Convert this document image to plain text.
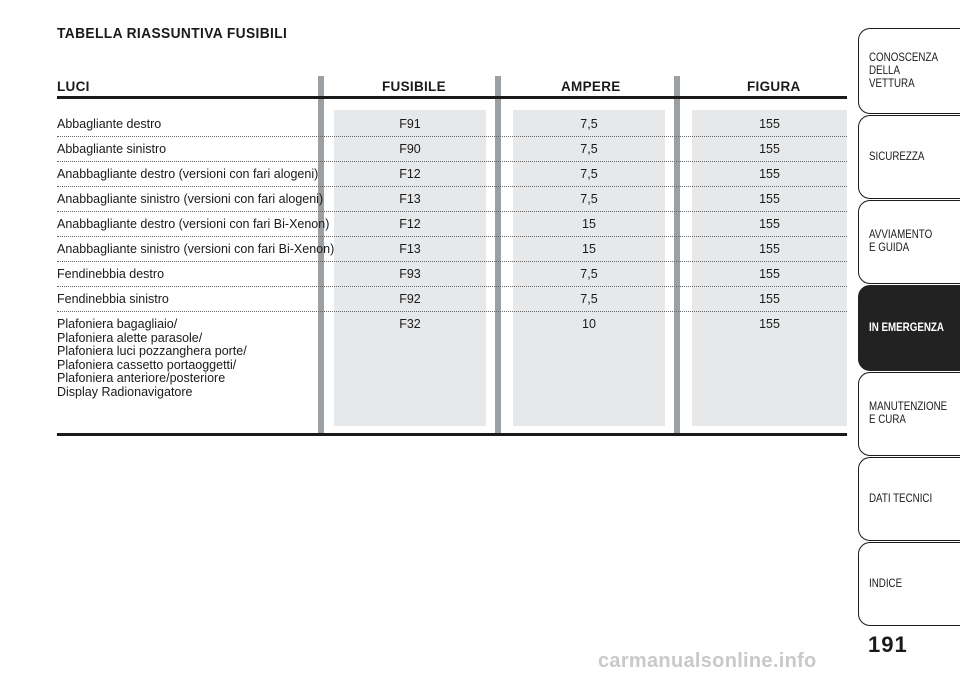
TABELLA RIASSUNTIVA FUSIBILI
LUCI	FUSIBILE	AMPERE	FIGURA
Abbagliante destro	F91	7,5	155
Abbagliante sinistro	F90	7,5	155
Anabbagliante destro (versioni con fari alogeni)	F12	7,5	155
Anabbagliante sinistro (versioni con fari alogeni)	F13	7,5	155
Anabbagliante destro (versioni con fari Bi-Xenon)	F12	15	155
Anabbagliante sinistro (versioni con fari Bi-Xenon)	F13	15	155
Fendinebbia destro	F93	7,5	155
Fendinebbia sinistro	F92	7,5	155
Plafoniera bagagliaio/
Plafoniera alette parasole/
Plafoniera luci pozzanghera porte/
Plafoniera cassetto portaoggetti/
Plafoniera anteriore/posteriore
Display Radionavigatore
F32	10	155
CONOSCENZA
DELLA
VETTURA
SICUREZZA
AVVIAMENTO
E GUIDA
IN EMERGENZA
MANUTENZIONE
E CURA
DATI TECNICI
INDICE
191
carmanualsonline.info
